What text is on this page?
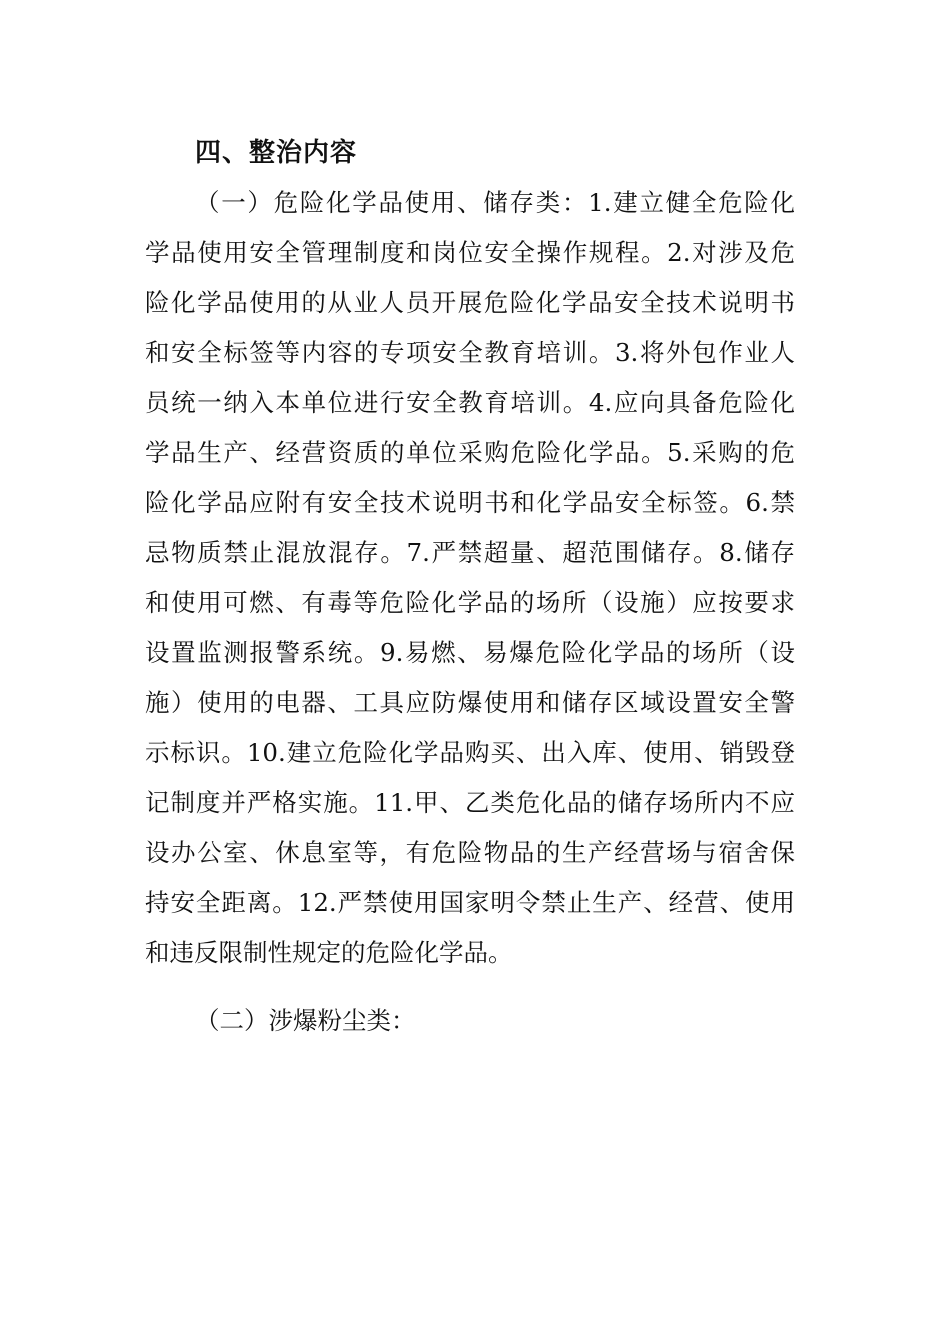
四、整治内容
（一）危险化学品使用、储存类：1.建立健全危险化
学品使用安全管理制度和岗位安全操作规程。2.对涉及危
险化学品使用的从业人员开展危险化学品安全技术说明书
和安全标签等内容的专项安全教育培训。3.将外包作业人
员统一纳入本单位进行安全教育培训。4.应向具备危险化
学品生产、经营资质的单位采购危险化学品。5.采购的危
险化学品应附有安全技术说明书和化学品安全标签。6.禁
忌物质禁止混放混存。7.严禁超量、超范围储存。8.储存
和使用可燃、有毒等危险化学品的场所（设施）应按要求
设置监测报警系统。9.易燃、易爆危险化学品的场所（设
施）使用的电器、工具应防爆使用和储存区域设置安全警
示标识。10.建立危险化学品购买、出入库、使用、销毁登
记制度并严格实施。11.甲、乙类危化品的储存场所内不应
设办公室、休息室等，有危险物品的生产经营场与宿舍保
持安全距离。12.严禁使用国家明令禁止生产、经营、使用
和违反限制性规定的危险化学品。
（二）涉爆粉尘类：
